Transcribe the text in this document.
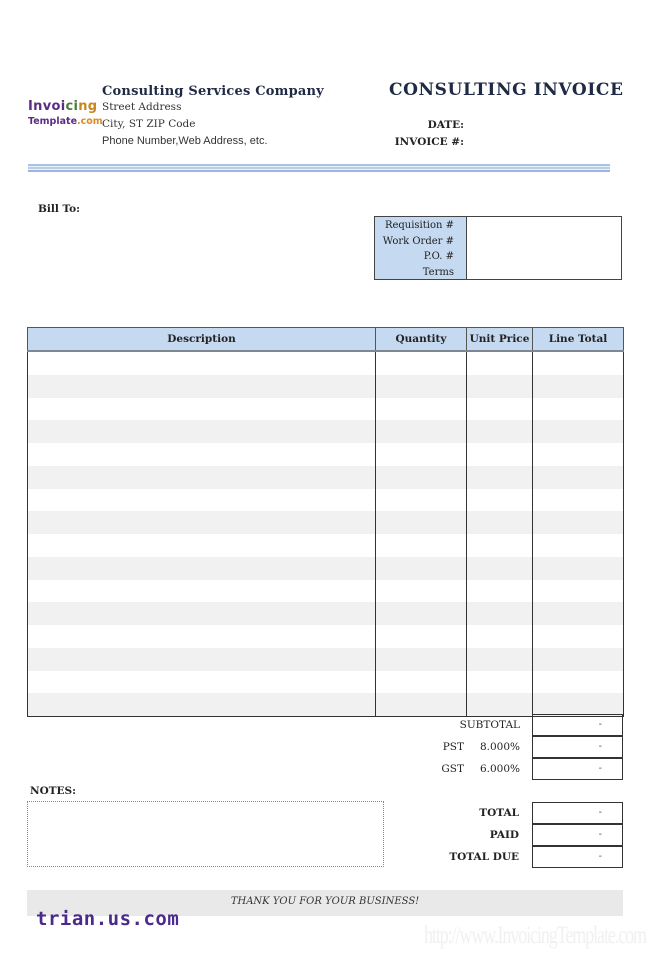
Invoicing
Template.com
Consulting Services Company
Street Address
City, ST ZIP Code
Phone Number,Web Address, etc.
CONSULTING INVOICE
DATE:
INVOICE #:
Bill To:
Requisition #
Work Order #
P.O. #
Terms
Description	Quantity	Unit Price	Line Total

SUBTOTAL	-
PST	8.000%	-
GST	6.000%	-
NOTES:
TOTAL	-
PAID	-
TOTAL DUE	-
THANK YOU FOR YOUR BUSINESS!
http://www.InvoicingTemplate.com
trian.us.com
